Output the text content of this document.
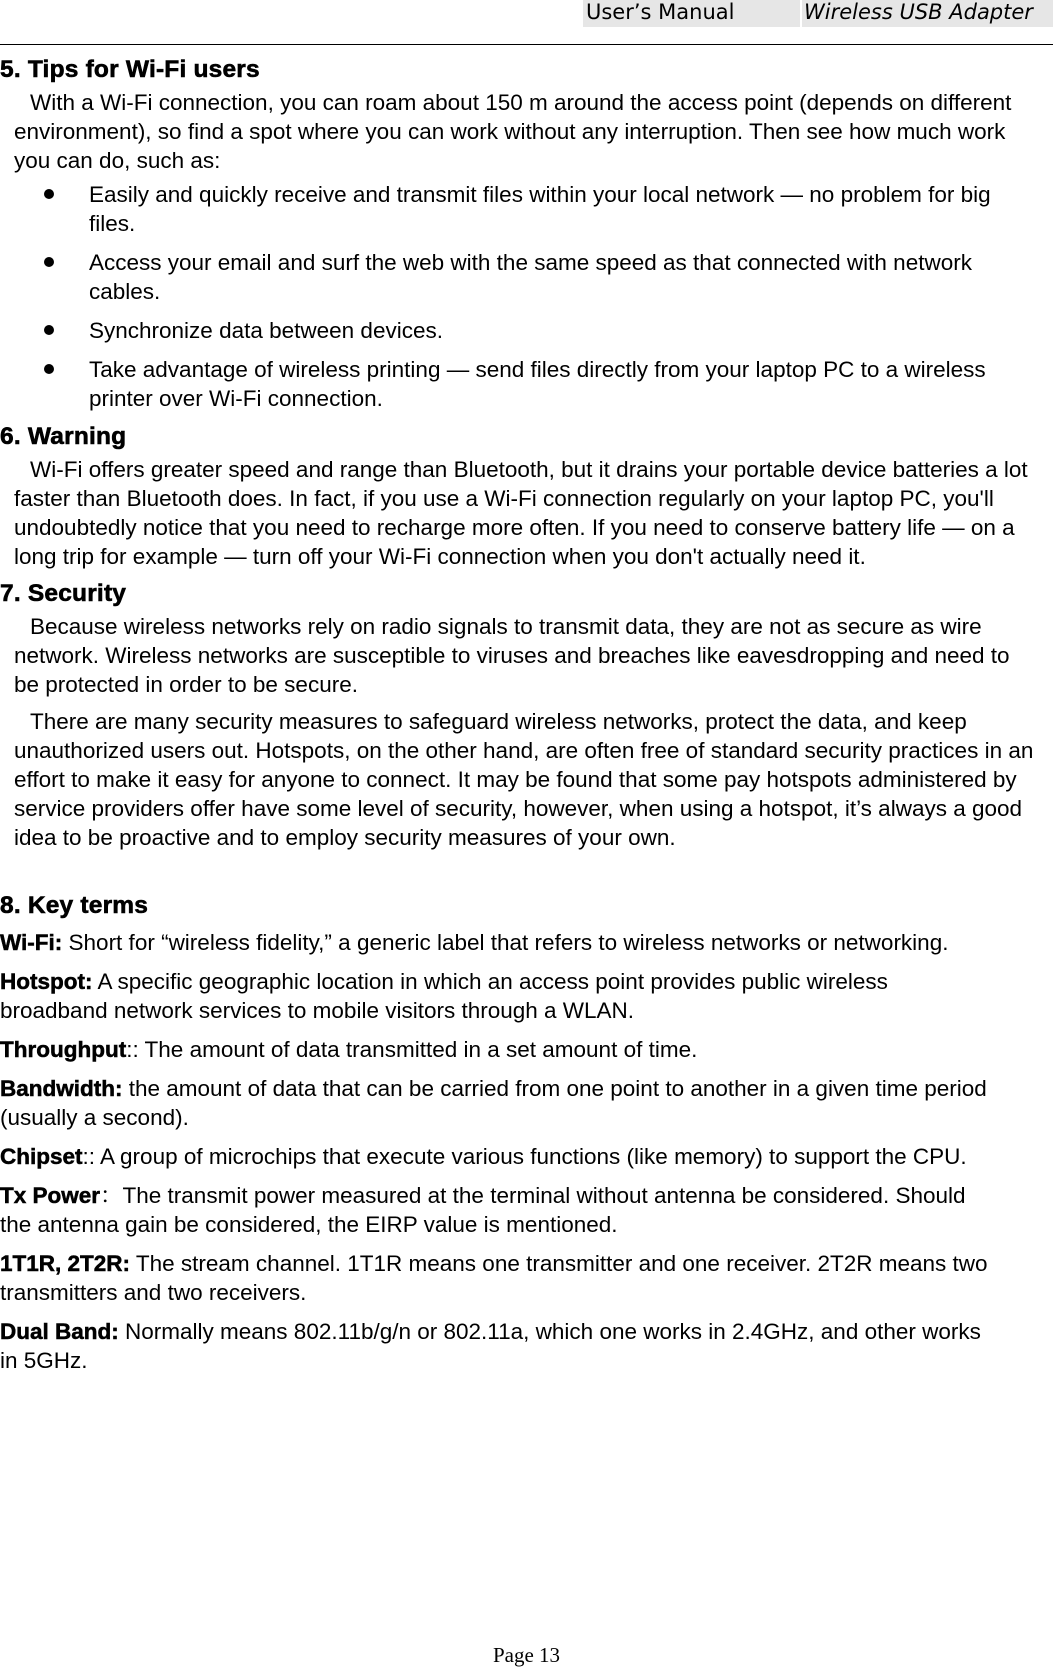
User’s Manual	Wireless USB Adapter
5. Tips for Wi-Fi users

With a Wi-Fi connection, you can roam about 150 m around the access point (depends on different environment), so find a spot where you can work without any interruption. Then see how much work you can do, such as:

Easily and quickly receive and transmit files within your local network — no problem for big files.
Access your email and surf the web with the same speed as that connected with network cables.
Synchronize data between devices.
Take advantage of wireless printing — send files directly from your laptop PC to a wireless printer over Wi-Fi connection.
6. Warning

Wi-Fi offers greater speed and range than Bluetooth, but it drains your portable device batteries a lot faster than Bluetooth does. In fact, if you use a Wi-Fi connection regularly on your laptop PC, you'll undoubtedly notice that you need to recharge more often. If you need to conserve battery life — on a long trip for example — turn off your Wi-Fi connection when you don't actually need it.

7. Security

Because wireless networks rely on radio signals to transmit data, they are not as secure as wire network. Wireless networks are susceptible to viruses and breaches like eavesdropping and need to be protected in order to be secure.

There are many security measures to safeguard wireless networks, protect the data, and keep unauthorized users out. Hotspots, on the other hand, are often free of standard security practices in an effort to make it easy for anyone to connect. It may be found that some pay hotspots administered by service providers offer have some level of security, however, when using a hotspot, it’s always a good idea to be proactive and to employ security measures of your own.

8. Key terms
Wi-Fi: Short for “wireless fidelity,” a generic label that refers to wireless networks or networking.
Hotspot: A specific geographic location in which an access point provides public wireless broadband network services to mobile visitors through a WLAN.
Throughput:: The amount of data transmitted in a set amount of time.
Bandwidth: the amount of data that can be carried from one point to another in a given time period (usually a second).
Chipset:: A group of microchips that execute various functions (like memory) to support the CPU.
Tx Power：The transmit power measured at the terminal without antenna be considered. Should the antenna gain be considered, the EIRP value is mentioned.
1T1R, 2T2R: The stream channel. 1T1R means one transmitter and one receiver. 2T2R means two transmitters and two receivers.
Dual Band: Normally means 802.11b/g/n or 802.11a, which one works in 2.4GHz, and other works in 5GHz.
Page 13
